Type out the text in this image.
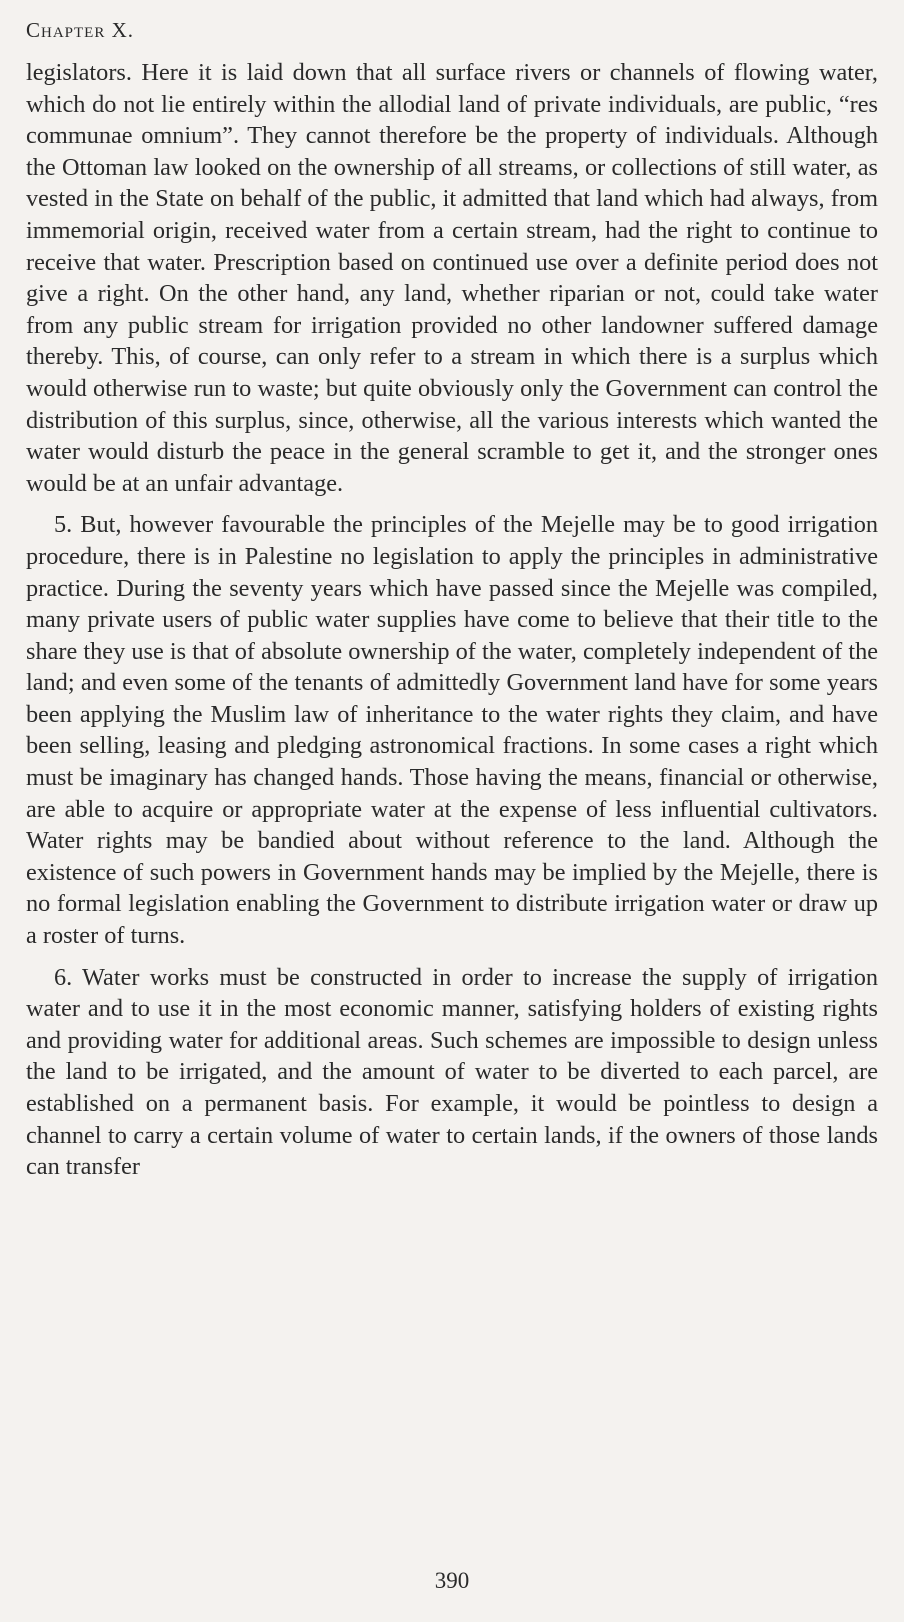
Chapter X.

legislators. Here it is laid down that all surface rivers or channels of flowing water, which do not lie entirely within the allodial land of private individuals, are public, “res communae omnium”. They cannot therefore be the property of individuals. Although the Ottoman law looked on the ownership of all streams, or collections of still water, as vested in the State on behalf of the public, it admitted that land which had always, from immemorial origin, received water from a certain stream, had the right to continue to receive that water. Prescription based on continued use over a definite period does not give a right. On the other hand, any land, whether riparian or not, could take water from any public stream for irrigation provided no other landowner suffered damage thereby. This, of course, can only refer to a stream in which there is a surplus which would otherwise run to waste; but quite obviously only the Government can control the distribution of this surplus, since, otherwise, all the various interests which wanted the water would disturb the peace in the general scramble to get it, and the stronger ones would be at an unfair advantage.

5. But, however favourable the principles of the Mejelle may be to good irrigation procedure, there is in Palestine no legislation to apply the principles in administrative practice. During the seventy years which have passed since the Mejelle was compiled, many private users of public water supplies have come to believe that their title to the share they use is that of absolute ownership of the water, completely independent of the land; and even some of the tenants of admittedly Government land have for some years been applying the Muslim law of inheritance to the water rights they claim, and have been selling, leasing and pledging astronomical fractions. In some cases a right which must be imaginary has changed hands. Those having the means, financial or otherwise, are able to acquire or appropriate water at the expense of less influential cultivators. Water rights may be bandied about without reference to the land. Although the existence of such powers in Government hands may be implied by the Mejelle, there is no formal legislation enabling the Government to distribute irrigation water or draw up a roster of turns.

6. Water works must be constructed in order to increase the supply of irrigation water and to use it in the most economic manner, satisfying holders of existing rights and providing water for additional areas. Such schemes are impossible to design unless the land to be irrigated, and the amount of water to be diverted to each parcel, are established on a permanent basis. For example, it would be pointless to design a channel to carry a certain volume of water to certain lands, if the owners of those lands can transfer

390
